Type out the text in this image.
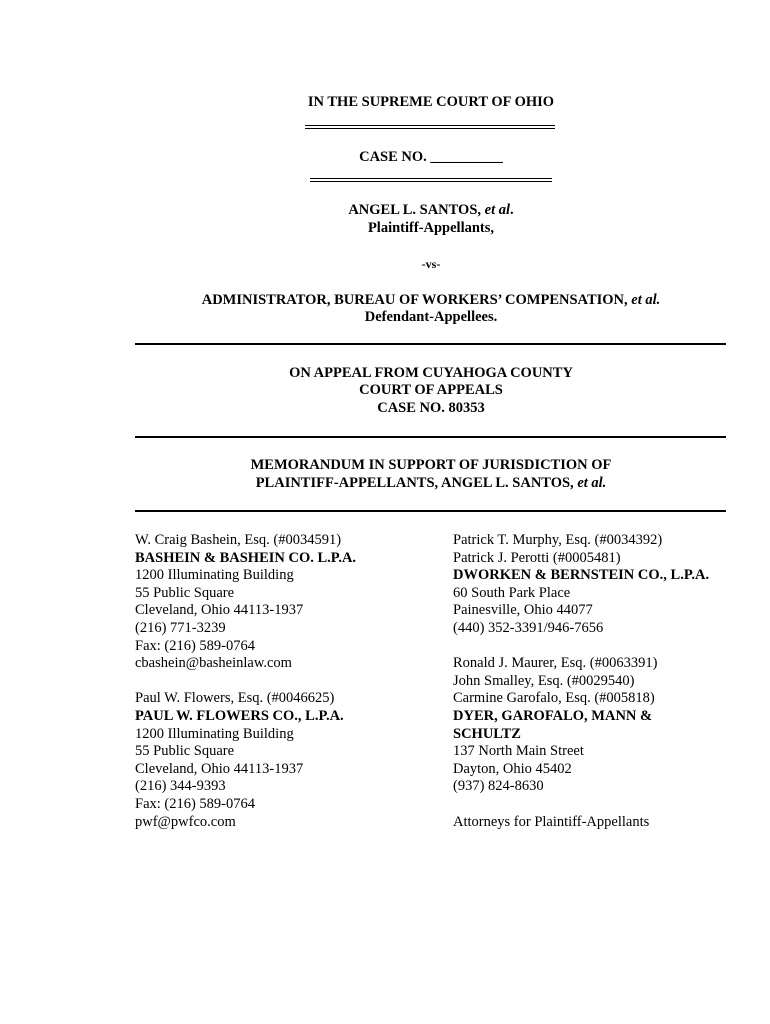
IN THE SUPREME COURT OF OHIO
CASE NO. __________
ANGEL L. SANTOS, et al.
Plaintiff-Appellants,
-vs-
ADMINISTRATOR, BUREAU OF WORKERS’ COMPENSATION, et al.
Defendant-Appellees.
ON APPEAL FROM CUYAHOGA COUNTY
COURT OF APPEALS
CASE NO. 80353
MEMORANDUM IN SUPPORT OF JURISDICTION OF
PLAINTIFF-APPELLANTS, ANGEL L. SANTOS, et al.
W. Craig Bashein, Esq. (#0034591)
BASHEIN & BASHEIN CO. L.P.A.
1200 Illuminating Building
55 Public Square
Cleveland, Ohio 44113-1937
(216) 771-3239
Fax: (216) 589-0764
cbashein@basheinlaw.com
Paul W. Flowers, Esq. (#0046625)
PAUL W. FLOWERS CO., L.P.A.
1200 Illuminating Building
55 Public Square
Cleveland, Ohio 44113-1937
(216) 344-9393
Fax: (216) 589-0764
pwf@pwfco.com
Patrick T. Murphy, Esq. (#0034392)
Patrick J. Perotti (#0005481)
DWORKEN & BERNSTEIN CO., L.P.A.
60 South Park Place
Painesville, Ohio 44077
(440) 352-3391/946-7656
Ronald J. Maurer, Esq. (#0063391)
John Smalley, Esq. (#0029540)
Carmine Garofalo, Esq. (#005818)
DYER, GAROFALO, MANN &
SCHULTZ
137 North Main Street
Dayton, Ohio 45402
(937) 824-8630
Attorneys for Plaintiff-Appellants
